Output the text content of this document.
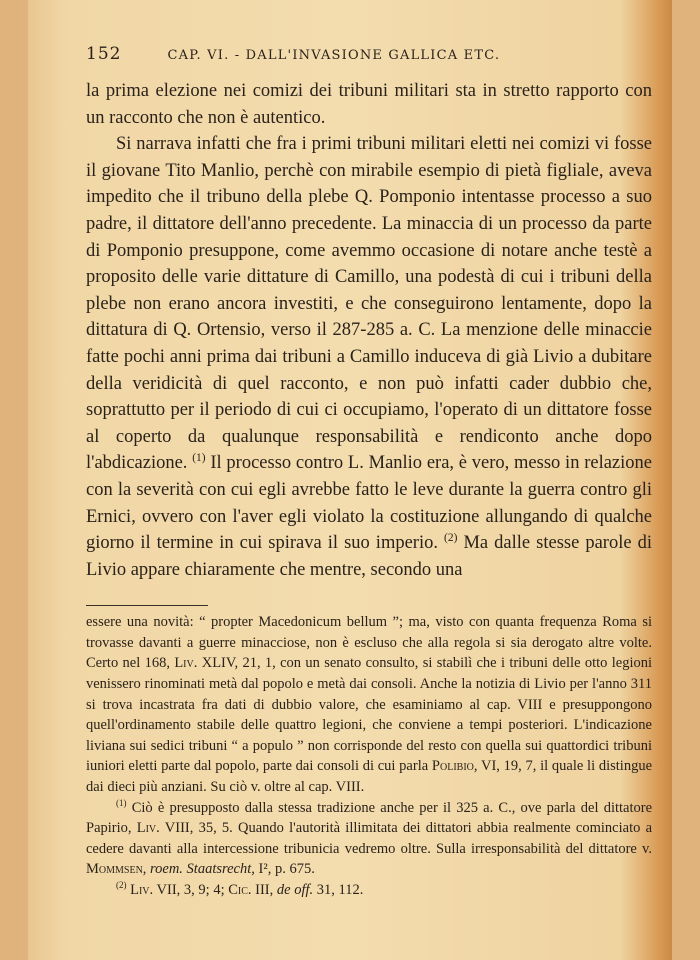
152	CAP. VI. - DALL'INVASIONE GALLICA ETC.

la prima elezione nei comizi dei tribuni militari sta in stretto rapporto con un racconto che non è autentico.

Si narrava infatti che fra i primi tribuni militari eletti nei comizi vi fosse il giovane Tito Manlio, perchè con mirabile esempio di pietà figliale, aveva impedito che il tribuno della plebe Q. Pomponio intentasse processo a suo padre, il dittatore dell'anno precedente. La minaccia di un processo da parte di Pomponio presuppone, come avemmo occasione di notare anche testè a proposito delle varie dittature di Camillo, una podestà di cui i tribuni della plebe non erano ancora investiti, e che conseguirono lentamente, dopo la dittatura di Q. Ortensio, verso il 287-285 a. C. La menzione delle minaccie fatte pochi anni prima dai tribuni a Camillo induceva di già Livio a dubitare della veridicità di quel racconto, e non può infatti cader dubbio che, soprattutto per il periodo di cui ci occupiamo, l'operato di un dittatore fosse al coperto da qualunque responsabilità e rendiconto anche dopo l'abdicazione. $^{(1)}$ Il processo contro L. Manlio era, è vero, messo in relazione con la severità con cui egli avrebbe fatto le leve durante la guerra contro gli Ernici, ovvero con l'aver egli violato la costituzione allungando di qualche giorno il termine in cui spirava il suo imperio. $^{(2)}$ Ma dalle stesse parole di Livio appare chiaramente che mentre, secondo una

essere una novità: “ propter Macedonicum bellum ”; ma, visto con quanta frequenza Roma si trovasse davanti a guerre minacciose, non è escluso che alla regola si sia derogato altre volte. Certo nel 168, Liv. XLIV, 21, 1, con un senato consulto, si stabilì che i tribuni delle otto legioni venissero rinominati metà dal popolo e metà dai consoli. Anche la notizia di Livio per l'anno 311 si trova incastrata fra dati di dubbio valore, che esaminiamo al cap. VIII e presuppongono quell'ordinamento stabile delle quattro legioni, che conviene a tempi posteriori. L'indicazione liviana sui sedici tribuni “ a populo ” non corrisponde del resto con quella sui quattordici tribuni iuniori eletti parte dal popolo, parte dai consoli di cui parla Polibio, VI, 19, 7, il quale li distingue dai dieci più anziani. Su ciò v. oltre al cap. VIII.

$^{(1)}$ Ciò è presupposto dalla stessa tradizione anche per il 325 a. C., ove parla del dittatore Papirio, Liv. VIII, 35, 5. Quando l'autorità illimitata dei dittatori abbia realmente cominciato a cedere davanti alla intercessione tribunicia vedremo oltre. Sulla irresponsabilità del dittatore v. Mommsen, roem. Staatsrecht, I², p. 675.

$^{(2)}$ Liv. VII, 3, 9; 4; Cic. III, de off. 31, 112.
